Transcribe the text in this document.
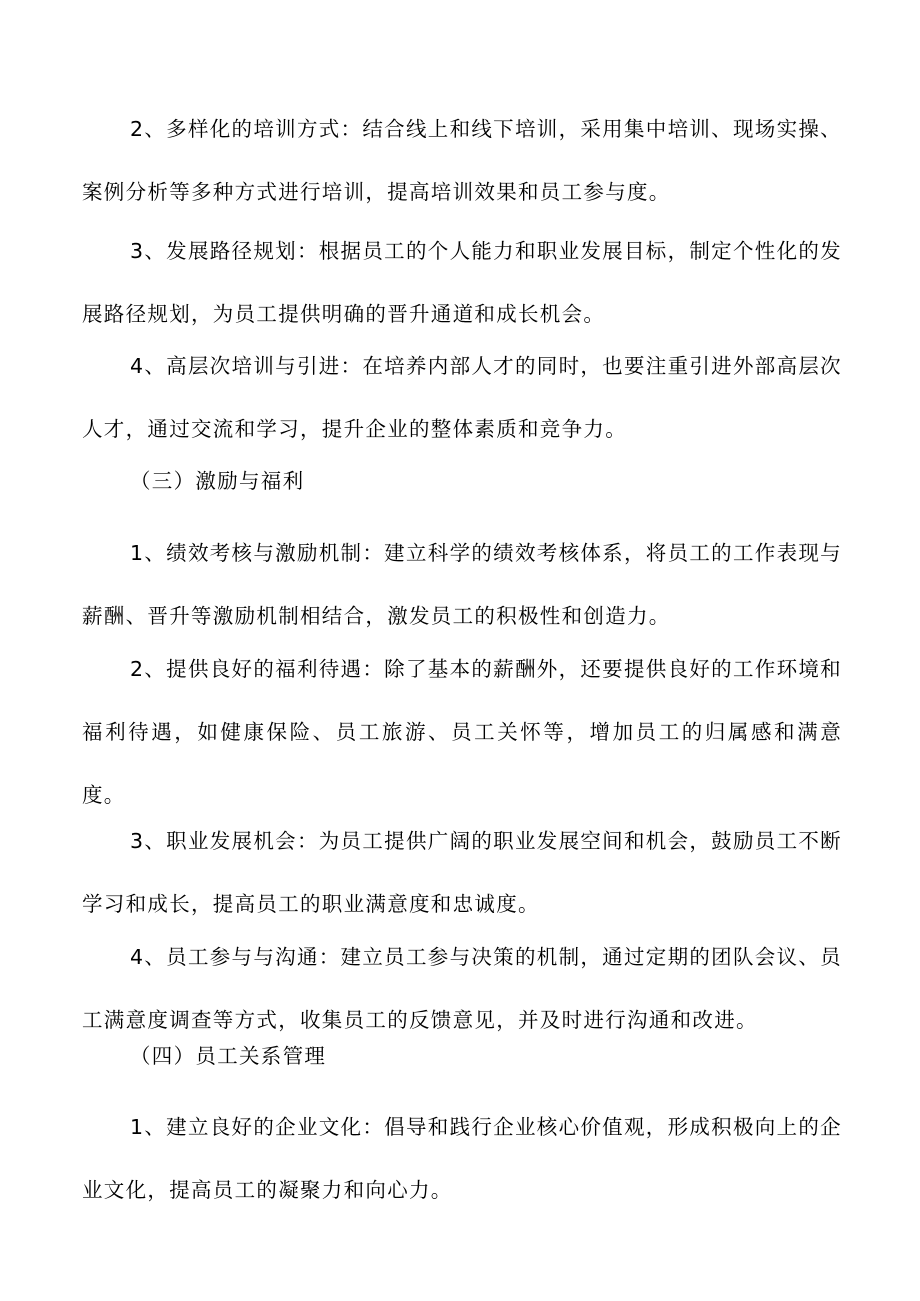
2、多样化的培训方式：结合线上和线下培训，采用集中培训、现场实操、案例分析等多种方式进行培训，提高培训效果和员工参与度。

3、发展路径规划：根据员工的个人能力和职业发展目标，制定个性化的发展路径规划，为员工提供明确的晋升通道和成长机会。

4、高层次培训与引进：在培养内部人才的同时，也要注重引进外部高层次人才，通过交流和学习，提升企业的整体素质和竞争力。

（三）激励与福利

1、绩效考核与激励机制：建立科学的绩效考核体系，将员工的工作表现与薪酬、晋升等激励机制相结合，激发员工的积极性和创造力。

2、提供良好的福利待遇：除了基本的薪酬外，还要提供良好的工作环境和福利待遇，如健康保险、员工旅游、员工关怀等，增加员工的归属感和满意度。

3、职业发展机会：为员工提供广阔的职业发展空间和机会，鼓励员工不断学习和成长，提高员工的职业满意度和忠诚度。

4、员工参与与沟通：建立员工参与决策的机制，通过定期的团队会议、员工满意度调查等方式，收集员工的反馈意见，并及时进行沟通和改进。

（四）员工关系管理

1、建立良好的企业文化：倡导和践行企业核心价值观，形成积极向上的企业文化，提高员工的凝聚力和向心力。
